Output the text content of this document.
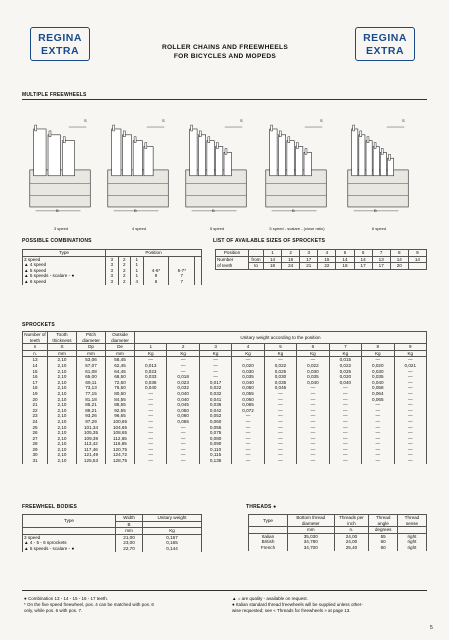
REGINA
EXTRA
REGINA
EXTRA
ROLLER CHAINS AND FREEWHEELS
FOR BICYCLES AND MOPEDS
MULTIPLE FREEWHEELS
S
B
3 speed
S
B
4 speed
S
B
5 speed
S
B
5 speed - scalare - (close ratio)
S
B
6 speed
POSSIBLE COMBINATIONS	LIST OF AVAILABLE SIZES OF SPROCKETS
Type	Position					
3 speed	3	2	1			
▲ 4 speed	3	2	1			
▲ 5 speed	3	2	1	4-6*	5-7*	
▲ 5 speeds - scalare - ●	3	2	1	9	7	
▲ 6 speed	3	2	4	6	7	
Position		1	2	3	4	5	6	7	8	9
Number	from	14	16	17	15	14	14	13	14	14
of teeth	to	18	24	21	22	18	17	17	20	
SPROCKETS
Number of teeth	Tooth thickness	Pitch diameter	Outside diameter	Unitary weight according to the position								

n	S	Dp	De	1	2	3	4	5	6	7	8	9
n.	mm	mm	mm	Kg	Kg	Kg	Kg	Kg	Kg	Kg	Kg	Kg
13	2,10	53,06	58,45	—	—	—	—	—	—	0,015	—	—
14	2,10	57,07	62,45	0,013	—	—	0,020	0,022	0,022	0,022	0,020	0,021
15	2,10	61,08	64,45	0,023	—	—	0,030	0,025	0,030	0,025	0,030	—
16	2,10	65,00	68,50	0,033	0,018	—	0,035	0,030	0,035	0,020	0,035	—
17	2,10	69,11	72,50	0,036	0,023	0,017	0,040	0,035	0,040	0,040	0,040	—
18	2,10	73,13	76,50	0,040	0,032	0,022	0,050	0,045	—	—	0,058	—
19	2,10	77,15	80,50	—	0,040	0,032	0,055	—	—	—	0,064	—
20	2,10	81,18	84,55	—	0,040	0,041	0,060	—	—	—	0,065	—
21	2,10	85,21	88,55	—	0,045	0,036	0,065	—	—	—	—	—
22	2,10	89,21	92,55	—	0,050	0,042	0,072	—	—	—	—	—
23	2,10	93,26	96,65	—	0,060	0,052	—	—	—	—	—	—
24	2,10	97,29	100,65	—	0,065	0,060	—	—	—	—	—	—
25	2,10	101,34	104,65	—	—	0,055	—	—	—	—	—	—
26	2,10	105,35	108,65	—	—	0,075	—	—	—	—	—	—
27	2,10	109,39	112,65	—	—	0,080	—	—	—	—	—	—
28	2,10	113,42	116,65	—	—	0,090	—	—	—	—	—	—
29	2,10	117,46	120,75	—	—	0,110	—	—	—	—	—	—
30	2,10	121,49	124,72	—	—	0,115	—	—	—	—	—	—
31	2,10	125,53	128,75	—	—	0,135	—	—	—	—	—	—
FREEWHEEL BODIES	THREADS ●
Type	Width	Unitary weight
	B	
	mm	Kg
3 speed	21,00	0,157
▲ 4 - 5 - 6 sprockets	23,00	0,165
▲ 5 speeds - scalare - ●	22,70	0,144
Type	Bottom thread diameter	Threads per inch	Thread angle	Thread sense
	mm	n.	degrees	
Italian	35,030	24,00	55	right
British	34,780	24,00	60	right
French	34,700	25,40	60	right
● Combination 13 - 14 - 15 - 16 - 17 teeth.
* On the five speed freewheel, pos. 4 can be matched with pos. 6
only, while pos. 6 with pos. 7.
▲ = are quality - available on request.
● Italian standard thread freewheels will be supplied unless other-
wise requested; see « Threads for freewheels » at page 13.
5
